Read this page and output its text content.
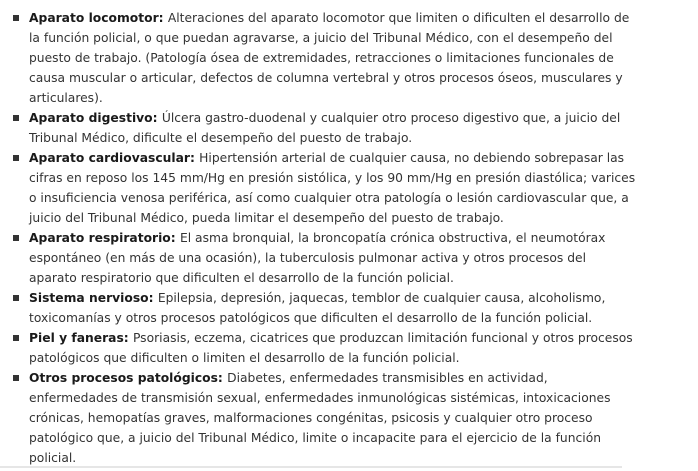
Aparato locomotor: Alteraciones del aparato locomotor que limiten o dificulten el desarrollo de la función policial, o que puedan agravarse, a juicio del Tribunal Médico, con el desempeño del puesto de trabajo. (Patología ósea de extremidades, retracciones o limitaciones funcionales de causa muscular o articular, defectos de columna vertebral y otros procesos óseos, musculares y articulares).
Aparato digestivo: Úlcera gastro-duodenal y cualquier otro proceso digestivo que, a juicio del Tribunal Médico, dificulte el desempeño del puesto de trabajo.
Aparato cardiovascular: Hipertensión arterial de cualquier causa, no debiendo sobrepasar las cifras en reposo los 145 mm/Hg en presión sistólica, y los 90 mm/Hg en presión diastólica; varices o insuficiencia venosa periférica, así como cualquier otra patología o lesión cardiovascular que, a juicio del Tribunal Médico, pueda limitar el desempeño del puesto de trabajo.
Aparato respiratorio: El asma bronquial, la broncopatía crónica obstructiva, el neumotórax espontáneo (en más de una ocasión), la tuberculosis pulmonar activa y otros procesos del aparato respiratorio que dificulten el desarrollo de la función policial.
Sistema nervioso: Epilepsia, depresión, jaquecas, temblor de cualquier causa, alcoholismo, toxicomanías y otros procesos patológicos que dificulten el desarrollo de la función policial.
Piel y faneras: Psoriasis, eczema, cicatrices que produzcan limitación funcional y otros procesos patológicos que dificulten o limiten el desarrollo de la función policial.
Otros procesos patológicos: Diabetes, enfermedades transmisibles en actividad, enfermedades de transmisión sexual, enfermedades inmunológicas sistémicas, intoxicaciones crónicas, hemopatías graves, malformaciones congénitas, psicosis y cualquier otro proceso patológico que, a juicio del Tribunal Médico, limite o incapacite para el ejercicio de la función policial.
